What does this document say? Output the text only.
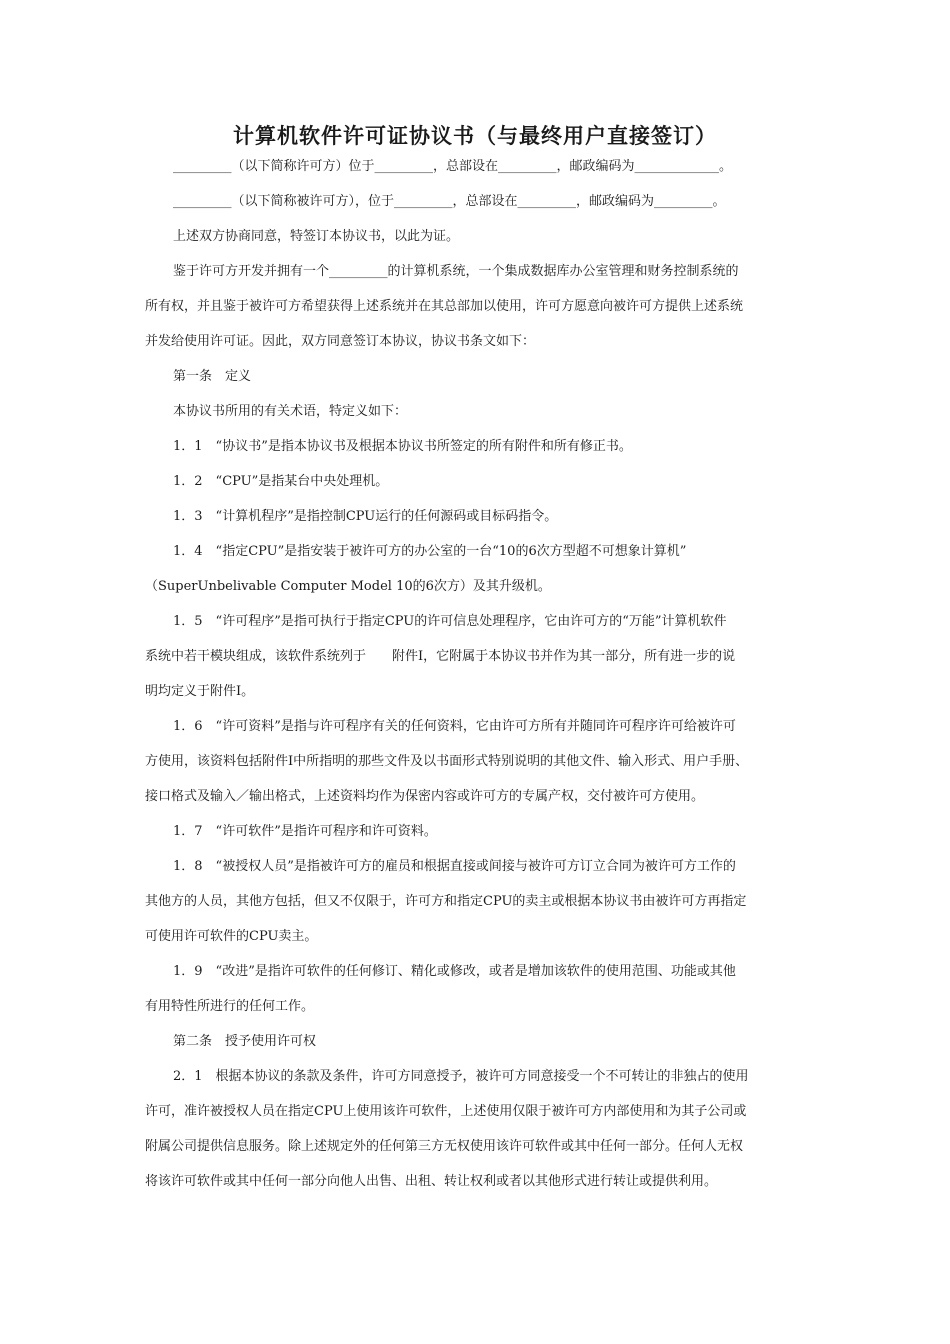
计算机软件许可证协议书（与最终用户直接签订）

_________（以下简称许可方）位于_________，总部设在_________，邮政编码为_____________。

_________（以下简称被许可方），位于_________，总部设在_________，邮政编码为_________。

上述双方协商同意，特签订本协议书，以此为证。

鉴于许可方开发并拥有一个_________的计算机系统，一个集成数据库办公室管理和财务控制系统的

所有权，并且鉴于被许可方希望获得上述系统并在其总部加以使用，许可方愿意向被许可方提供上述系统

并发给使用许可证。因此，双方同意签订本协议，协议书条文如下：

第一条　定义

本协议书所用的有关术语，特定义如下：

1．1　“协议书”是指本协议书及根据本协议书所签定的所有附件和所有修正书。

1．2　“CPU”是指某台中央处理机。

1．3　“计算机程序”是指控制CPU运行的任何源码或目标码指令。

1．4　“指定CPU”是指安装于被许可方的办公室的一台“10的6次方型超不可想象计算机”

（SuperUnbelivable Computer Model 10的6次方）及其升级机。

1．5　“许可程序”是指可执行于指定CPU的许可信息处理程序，它由许可方的“万能”计算机软件

系统中若干模块组成，该软件系统列于　　附件I，它附属于本协议书并作为其一部分，所有进一步的说

明均定义于附件I。

1．6　“许可资料”是指与许可程序有关的任何资料，它由许可方所有并随同许可程序许可给被许可

方使用，该资料包括附件I中所指明的那些文件及以书面形式特别说明的其他文件、输入形式、用户手册、

接口格式及输入／输出格式，上述资料均作为保密内容或许可方的专属产权，交付被许可方使用。

1．7　“许可软件”是指许可程序和许可资料。

1．8　“被授权人员”是指被许可方的雇员和根据直接或间接与被许可方订立合同为被许可方工作的

其他方的人员，其他方包括，但又不仅限于，许可方和指定CPU的卖主或根据本协议书由被许可方再指定

可使用许可软件的CPU卖主。

1．9　“改进”是指许可软件的任何修订、精化或修改，或者是增加该软件的使用范围、功能或其他

有用特性所进行的任何工作。

第二条　授予使用许可权

2．1　根据本协议的条款及条件，许可方同意授予，被许可方同意接受一个不可转让的非独占的使用

许可，准许被授权人员在指定CPU上使用该许可软件，上述使用仅限于被许可方内部使用和为其子公司或

附属公司提供信息服务。除上述规定外的任何第三方无权使用该许可软件或其中任何一部分。任何人无权

将该许可软件或其中任何一部分向他人出售、出租、转让权利或者以其他形式进行转让或提供利用。
